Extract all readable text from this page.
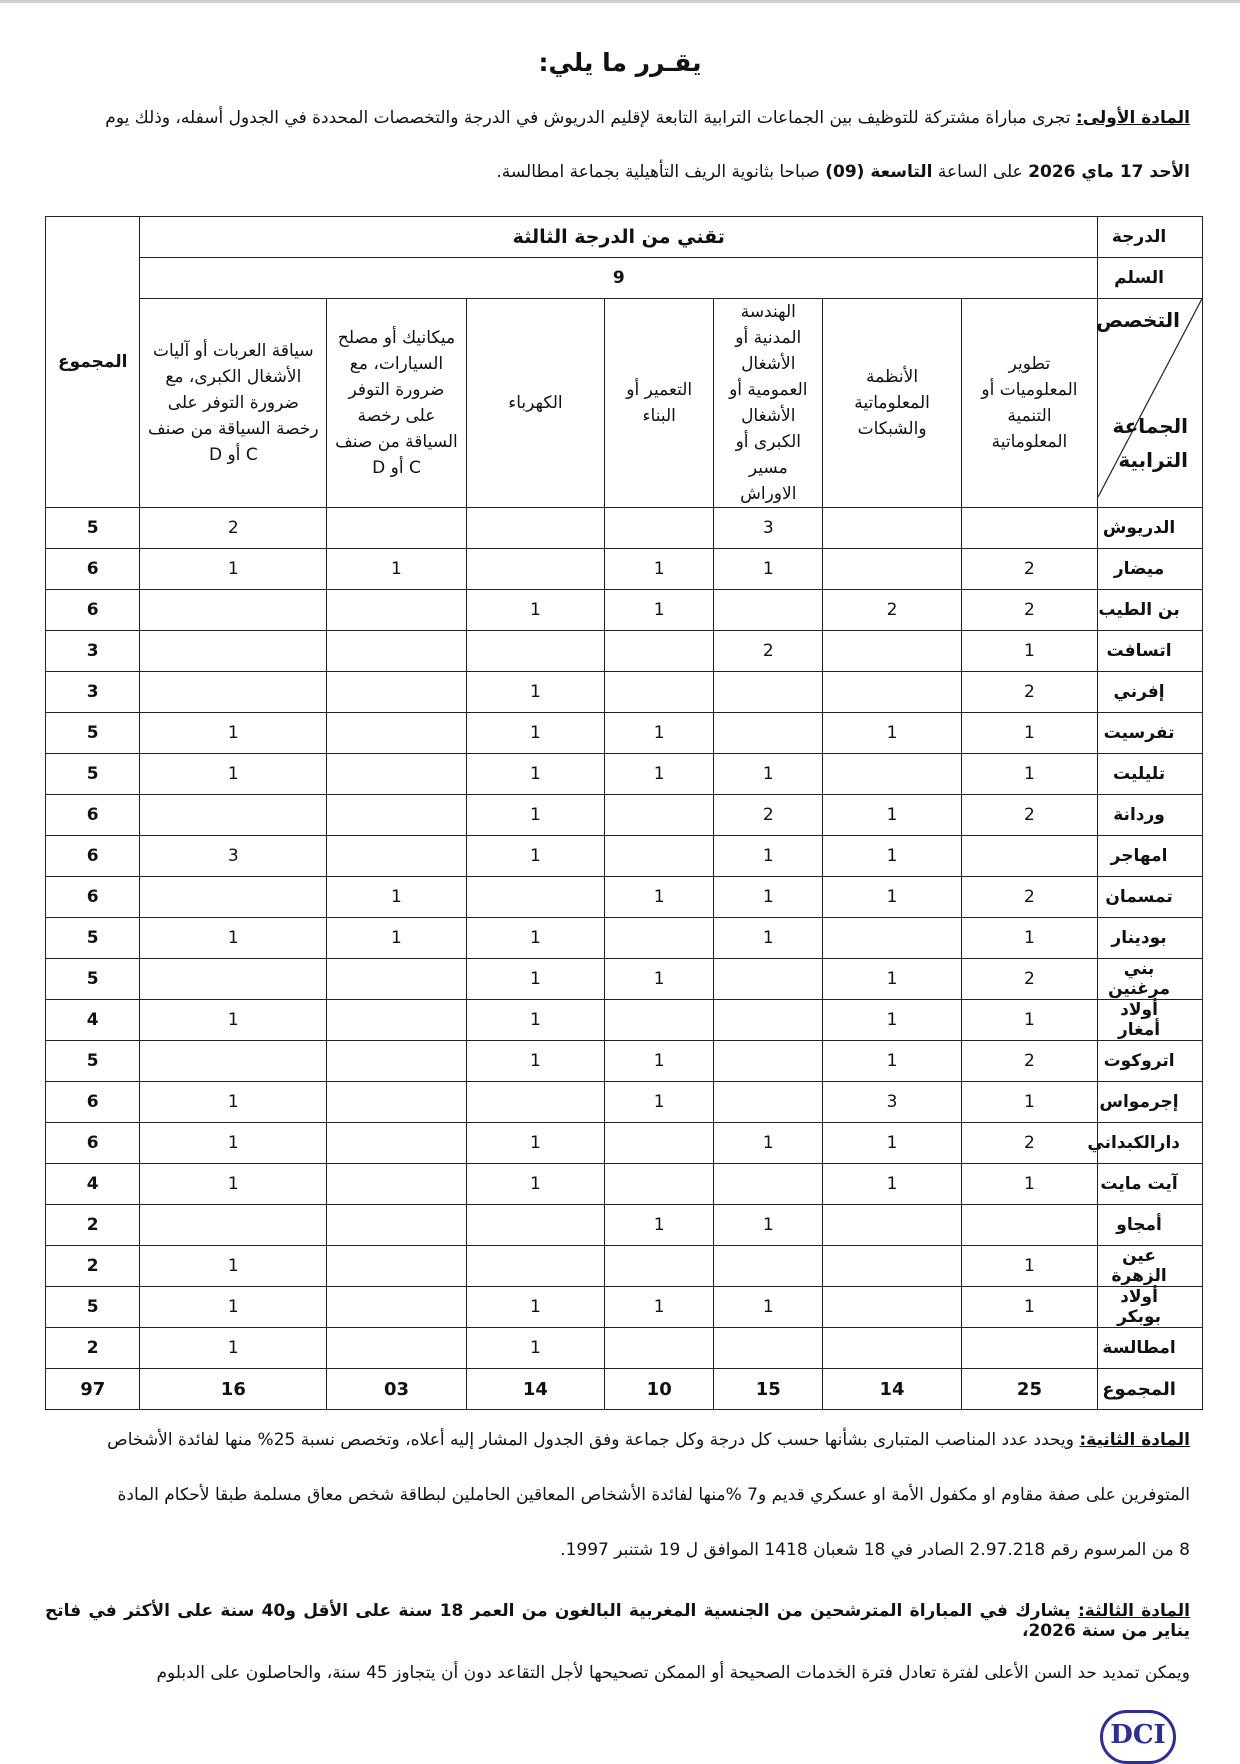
يقـرر ما يلي:
المادة الأولى: تجرى مباراة مشتركة للتوظيف بين الجماعات الترابية التابعة لإقليم الدريوش في الدرجة والتخصصات المحددة في الجدول أسفله، وذلك يوم
الأحد 17 ماي 2026 على الساعة التاسعة (09) صباحا بثانوية الريف التأهيلية بجماعة امطالسة.
الدرجة	تقني من الدرجة الثالثة							المجموع
السلم	9							

التخصص
الجماعة
الترابية	تطوير المعلوميات أو التنمية المعلوماتية	الأنظمة المعلوماتية والشبكات	الهندسة المدنية أو الأشغال العمومية أو الأشغال الكبرى أو مسير الاوراش	التعمير أو البناء	الكهرباء	ميكانيك أو مصلح السيارات، مع ضرورة التوفر على رخصة السياقة من صنف C أو D	سياقة العربات أو آليات الأشغال الكبرى، مع ضرورة التوفر على رخصة السياقة من صنف C أو D	
الدريوش			3				2	5
ميضار	2		1	1		1	1	6
بن الطيب	2	2		1	1			6
اتسافت	1		2					3
إفرني	2				1			3
تفرسيت	1	1		1	1		1	5
تليليت	1		1	1	1		1	5
وردانة	2	1	2		1			6
امهاجر		1	1		1		3	6
تمسمان	2	1	1	1		1		6
بودينار	1		1		1	1	1	5
بني مرغنين	2	1		1	1			5
أولاد أمغار	1	1			1		1	4
اتروكوت	2	1		1	1			5
إجرمواس	1	3		1			1	6
دارالكبداني	2	1	1		1		1	6
آيت مايت	1	1			1		1	4
أمجاو			1	1				2
عين الزهرة	1						1	2
أولاد بوبكر	1		1	1	1		1	5
امطالسة					1		1	2
المجموع	25	14	15	10	14	03	16	97
المادة الثانية: ويحدد عدد المناصب المتبارى بشأنها حسب كل درجة وكل جماعة وفق الجدول المشار إليه أعلاه، وتخصص نسبة 25% منها لفائدة الأشخاص
المتوفرين على صفة مقاوم او مكفول الأمة او عسكري قديم و7 %منها لفائدة الأشخاص المعاقين الحاملين لبطاقة شخص معاق مسلمة طبقا لأحكام المادة
8 من المرسوم رقم 2.97.218 الصادر في 18 شعبان 1418 الموافق ل 19 شتنبر 1997.
المادة الثالثة: يشارك في المباراة المترشحين من الجنسية المغربية البالغون من العمر 18 سنة على الأقل و40 سنة على الأكثر في فاتح يناير من سنة 2026،
ويمكن تمديد حد السن الأعلى لفترة تعادل فترة الخدمات الصحيحة أو الممكن تصحيحها لأجل التقاعد دون أن يتجاوز 45 سنة، والحاصلون على الدبلوم
DCI
